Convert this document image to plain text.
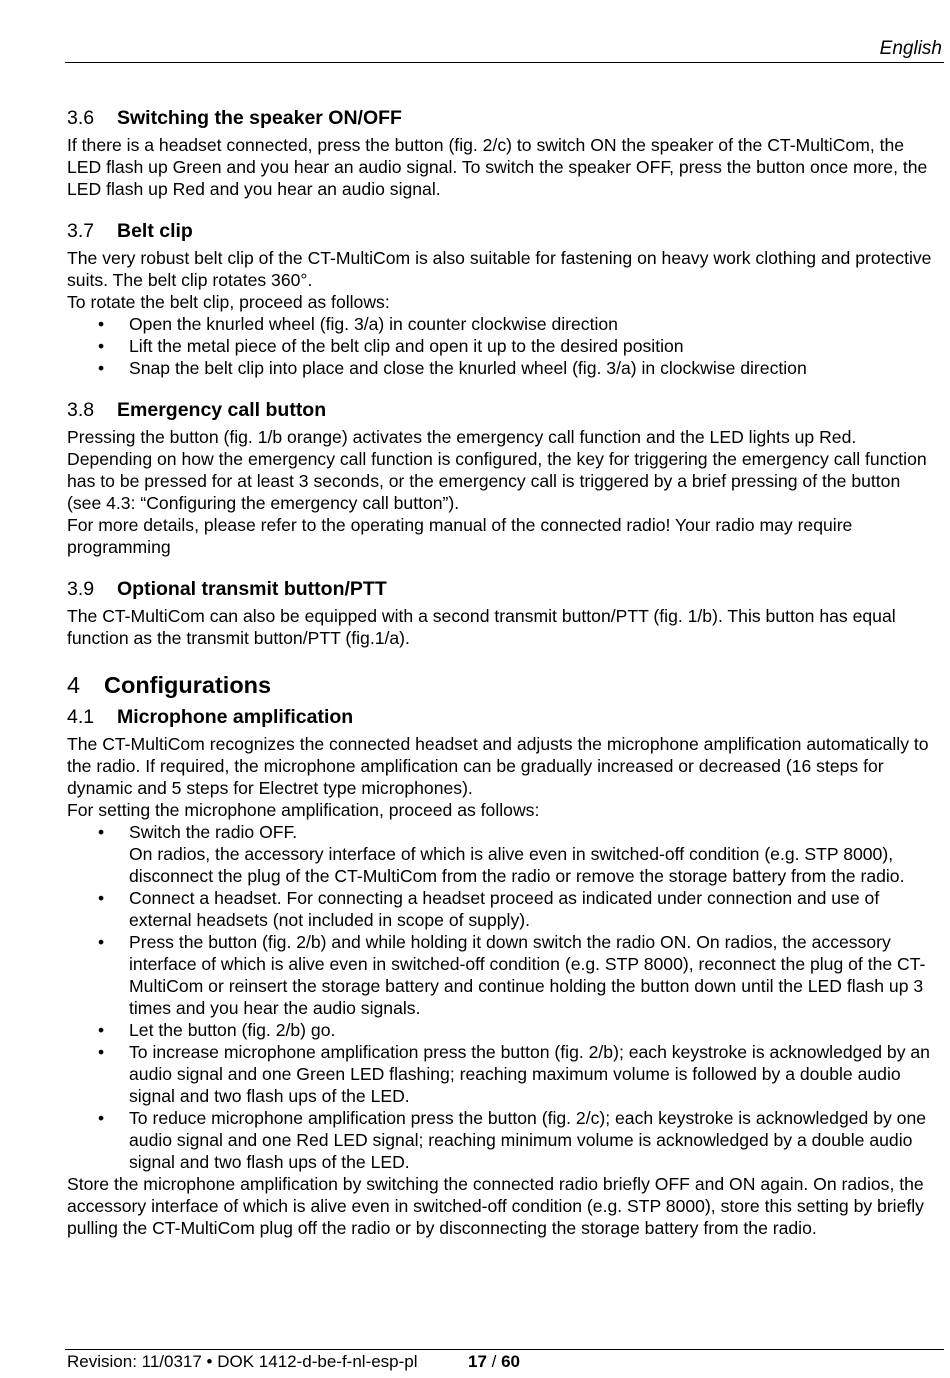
English
3.6 Switching the speaker ON/OFF

If there is a headset connected, press the button (fig. 2/c) to switch ON the speaker of the CT-MultiCom, the LED flash up Green and you hear an audio signal. To switch the speaker OFF, press the button once more, the LED flash up Red and you hear an audio signal.

3.7 Belt clip

The very robust belt clip of the CT-MultiCom is also suitable for fastening on heavy work clothing and protective suits. The belt clip rotates 360°.

To rotate the belt clip, proceed as follows:

• Open the knurled wheel (fig. 3/a) in counter clockwise direction
• Lift the metal piece of the belt clip and open it up to the desired position
• Snap the belt clip into place and close the knurled wheel (fig. 3/a) in clockwise direction
3.8 Emergency call button

Pressing the button (fig. 1/b orange) activates the emergency call function and the LED lights up Red. Depending on how the emergency call function is configured, the key for triggering the emergency call function has to be pressed for at least 3 seconds, or the emergency call is triggered by a brief pressing of the button (see 4.3: “Configuring the emergency call button”).

For more details, please refer to the operating manual of the connected radio! Your radio may require programming

3.9 Optional transmit button/PTT

The CT-MultiCom can also be equipped with a second transmit button/PTT (fig. 1/b). This button has equal function as the transmit button/PTT (fig.1/a).

4 Configurations
4.1 Microphone amplification

The CT-MultiCom recognizes the connected headset and adjusts the microphone amplification automatically to the radio. If required, the microphone amplification can be gradually increased or decreased (16 steps for dynamic and 5 steps for Electret type microphones).

For setting the microphone amplification, proceed as follows:

• Switch the radio OFF.
On radios, the accessory interface of which is alive even in switched-off condition (e.g. STP 8000), disconnect the plug of the CT-MultiCom from the radio or remove the storage battery from the radio.
• Connect a headset. For connecting a headset proceed as indicated under connection and use of external headsets (not included in scope of supply).
• Press the button (fig. 2/b) and while holding it down switch the radio ON. On radios, the accessory interface of which is alive even in switched-off condition (e.g. STP 8000), reconnect the plug of the CT-MultiCom or reinsert the storage battery and continue holding the button down until the LED flash up 3 times and you hear the audio signals.
• Let the button (fig. 2/b) go.
• To increase microphone amplification press the button (fig. 2/b); each keystroke is acknowledged by an audio signal and one Green LED flashing; reaching maximum volume is followed by a double audio signal and two flash ups of the LED.
• To reduce microphone amplification press the button (fig. 2/c); each keystroke is acknowledged by one audio signal and one Red LED signal; reaching minimum volume is acknowledged by a double audio signal and two flash ups of the LED.

Store the microphone amplification by switching the connected radio briefly OFF and ON again. On radios, the accessory interface of which is alive even in switched-off condition (e.g. STP 8000), store this setting by briefly pulling the CT-MultiCom plug off the radio or by disconnecting the storage battery from the radio.

Revision: 11/0317 • DOK 1412-d-be-f-nl-esp-pl	17 / 60
